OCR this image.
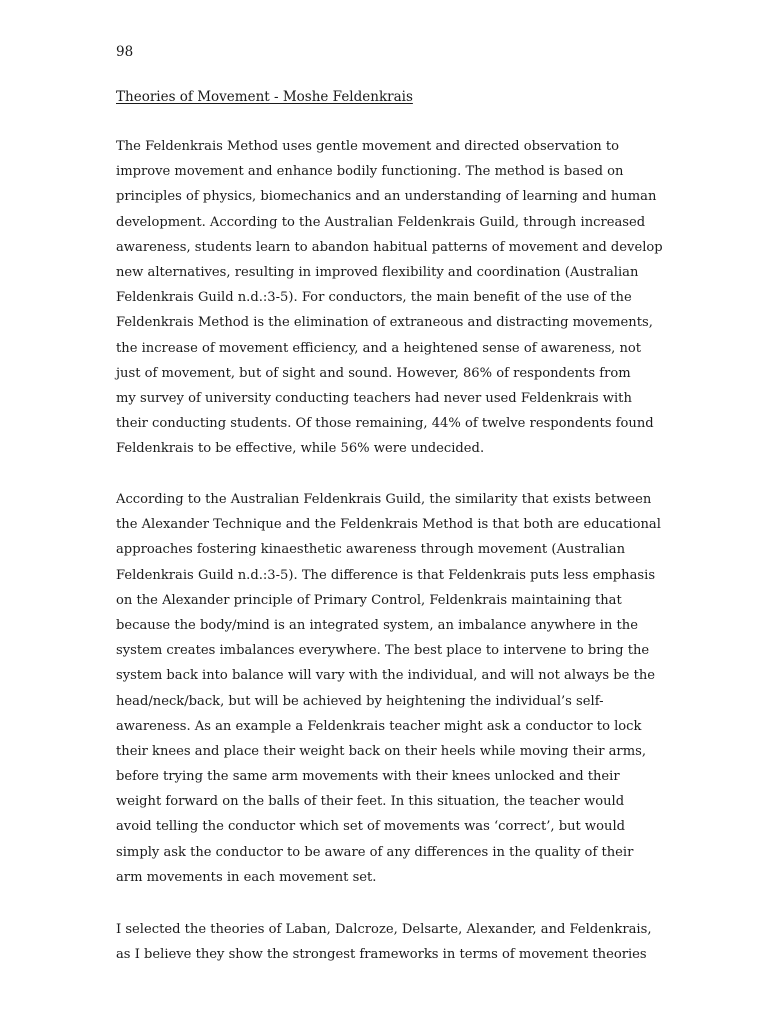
98
Theories of Movement - Moshe Feldenkrais

The Feldenkrais Method uses gentle movement and directed observation to
improve movement and enhance bodily functioning. The method is based on
principles of physics, biomechanics and an understanding of learning and human
development. According to the Australian Feldenkrais Guild, through increased
awareness, students learn to abandon habitual patterns of movement and develop
new alternatives, resulting in improved flexibility and coordination (Australian
Feldenkrais Guild n.d.:3-5). For conductors, the main benefit of the use of the
Feldenkrais Method is the elimination of extraneous and distracting movements,
the increase of movement efficiency, and a heightened sense of awareness, not
just of movement, but of sight and sound. However, 86% of respondents from
my survey of university conducting teachers had never used Feldenkrais with
their conducting students. Of those remaining, 44% of twelve respondents found
Feldenkrais to be effective, while 56% were undecided.

According to the Australian Feldenkrais Guild, the similarity that exists between
the Alexander Technique and the Feldenkrais Method is that both are educational
approaches fostering kinaesthetic awareness through movement (Australian
Feldenkrais Guild n.d.:3-5). The difference is that Feldenkrais puts less emphasis
on the Alexander principle of Primary Control, Feldenkrais maintaining that
because the body/mind is an integrated system, an imbalance anywhere in the
system creates imbalances everywhere. The best place to intervene to bring the
system back into balance will vary with the individual, and will not always be the
head/neck/back, but will be achieved by heightening the individual’s self-
awareness. As an example a Feldenkrais teacher might ask a conductor to lock
their knees and place their weight back on their heels while moving their arms,
before trying the same arm movements with their knees unlocked and their
weight forward on the balls of their feet. In this situation, the teacher would
avoid telling the conductor which set of movements was ‘correct’, but would
simply ask the conductor to be aware of any differences in the quality of their
arm movements in each movement set.

I selected the theories of Laban, Dalcroze, Delsarte, Alexander, and Feldenkrais,
as I believe they show the strongest frameworks in terms of movement theories
